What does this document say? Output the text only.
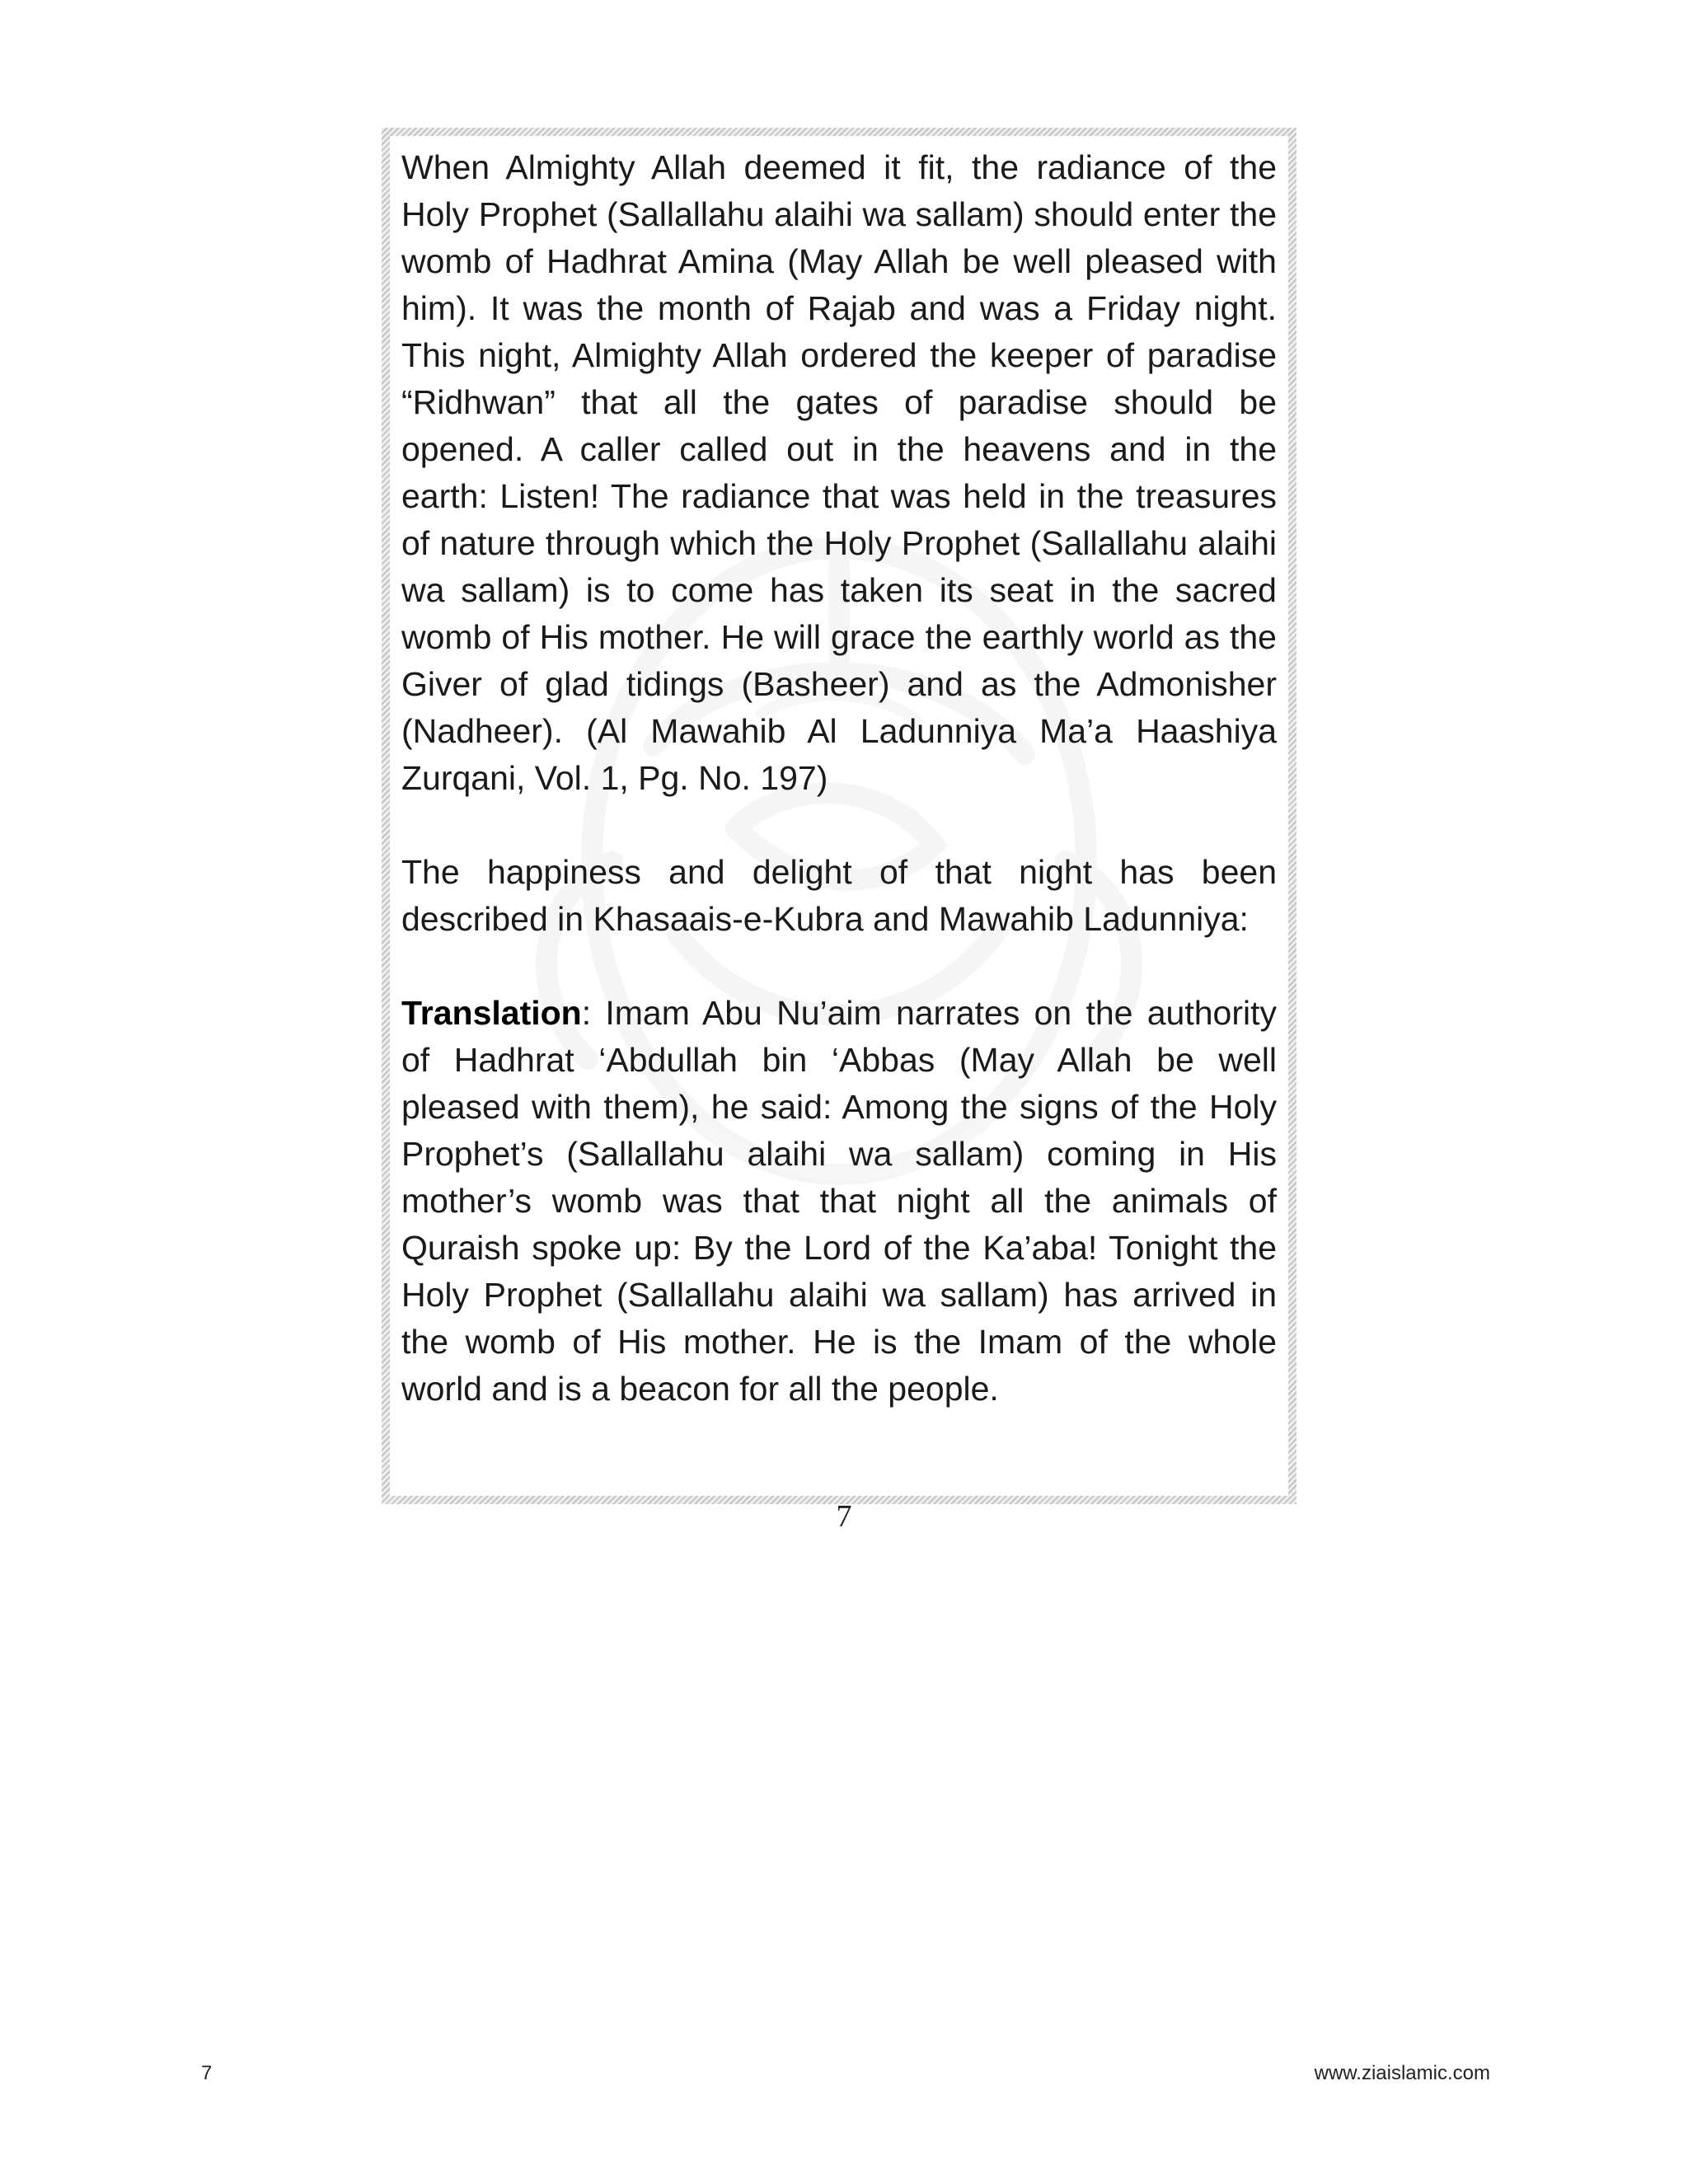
When Almighty Allah deemed it fit, the radiance of the Holy Prophet (Sallallahu alaihi wa sallam) should enter the womb of Hadhrat Amina (May Allah be well pleased with him). It was the month of Rajab and was a Friday night. This night, Almighty Allah ordered the keeper of paradise “Ridhwan” that all the gates of paradise should be opened. A caller called out in the heavens and in the earth: Listen! The radiance that was held in the treasures of nature through which the Holy Prophet (Sallallahu alaihi wa sallam) is to come has taken its seat in the sacred womb of His mother. He will grace the earthly world as the Giver of glad tidings (Basheer) and as the Admonisher (Nadheer). (Al Mawahib Al Ladunniya Ma’a Haashiya Zurqani, Vol. 1, Pg. No. 197)

The happiness and delight of that night has been described in Khasaais-e-Kubra and Mawahib Ladunniya:

Translation: Imam Abu Nu’aim narrates on the authority of Hadhrat ‘Abdullah bin ‘Abbas (May Allah be well pleased with them), he said: Among the signs of the Holy Prophet’s (Sallallahu alaihi wa sallam) coming in His mother’s womb was that that night all the animals of Quraish spoke up: By the Lord of the Ka’aba! Tonight the Holy Prophet (Sallallahu alaihi wa sallam) has arrived in the womb of His mother. He is the Imam of the whole world and is a beacon for all the people.

7
7	www.ziaislamic.com
